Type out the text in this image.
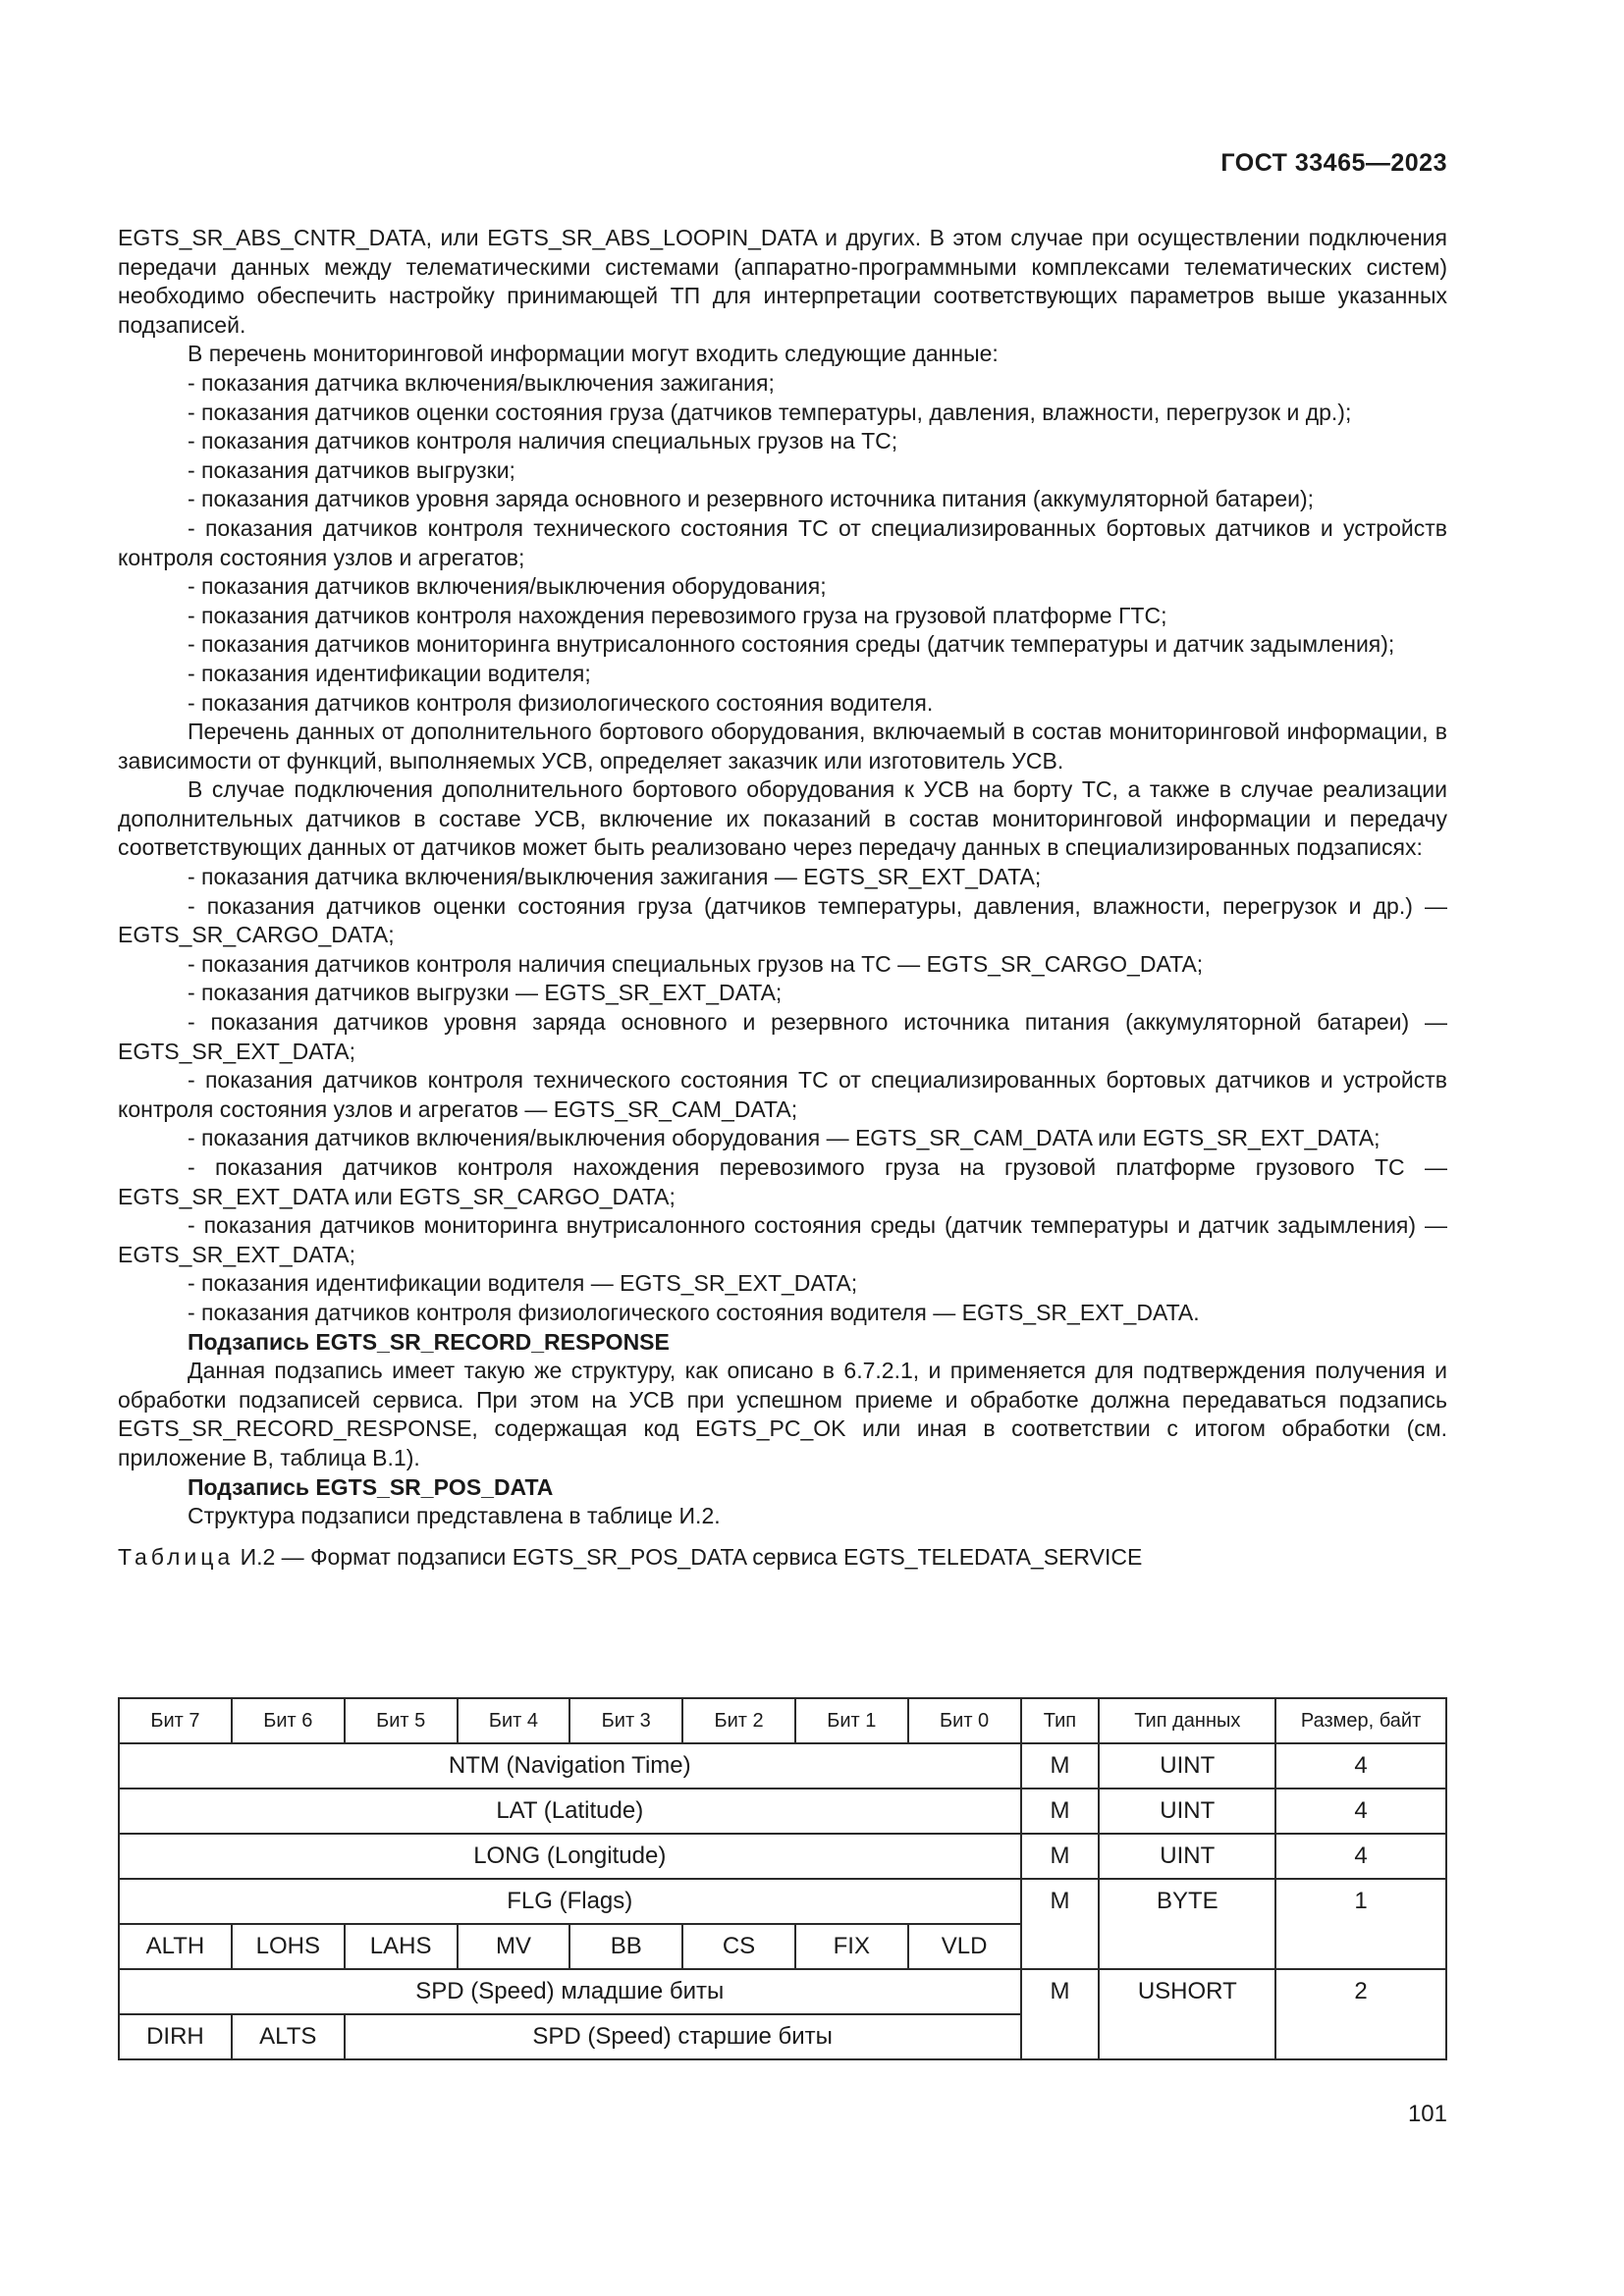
ГОСТ 33465—2023

EGTS_SR_ABS_CNTR_DATA, или EGTS_SR_ABS_LOOPIN_DATA и других. В этом случае при осуществлении подключения передачи данных между телематическими системами (аппаратно-программными комплексами телематических систем) необходимо обеспечить настройку принимающей ТП для интерпретации соответствующих параметров выше указанных подзаписей.

В перечень мониторинговой информации могут входить следующие данные:

- показания датчика включения/выключения зажигания;

- показания датчиков оценки состояния груза (датчиков температуры, давления, влажности, перегрузок и др.);

- показания датчиков контроля наличия специальных грузов на ТС;

- показания датчиков выгрузки;

- показания датчиков уровня заряда основного и резервного источника питания (аккумуляторной батареи);

- показания датчиков контроля технического состояния ТС от специализированных бортовых датчиков и устройств контроля состояния узлов и агрегатов;

- показания датчиков включения/выключения оборудования;

- показания датчиков контроля нахождения перевозимого груза на грузовой платформе ГТС;

- показания датчиков мониторинга внутрисалонного состояния среды (датчик температуры и датчик задымления);

- показания идентификации водителя;

- показания датчиков контроля физиологического состояния водителя.

Перечень данных от дополнительного бортового оборудования, включаемый в состав мониторинговой информации, в зависимости от функций, выполняемых УСВ, определяет заказчик или изготовитель УСВ.

В случае подключения дополнительного бортового оборудования к УСВ на борту ТС, а также в случае реализации дополнительных датчиков в составе УСВ, включение их показаний в состав мониторинговой информации и передачу соответствующих данных от датчиков может быть реализовано через передачу данных в специализированных подзаписях:

- показания датчика включения/выключения зажигания — EGTS_SR_EXT_DATA;

- показания датчиков оценки состояния груза (датчиков температуры, давления, влажности, перегрузок и др.) — EGTS_SR_CARGO_DATA;

- показания датчиков контроля наличия специальных грузов на ТС — EGTS_SR_CARGO_DATA;

- показания датчиков выгрузки — EGTS_SR_EXT_DATA;

- показания датчиков уровня заряда основного и резервного источника питания (аккумуляторной батареи) — EGTS_SR_EXT_DATA;

- показания датчиков контроля технического состояния ТС от специализированных бортовых датчиков и устройств контроля состояния узлов и агрегатов — EGTS_SR_CAM_DATA;

- показания датчиков включения/выключения оборудования — EGTS_SR_CAM_DATA или EGTS_SR_EXT_DATA;

- показания датчиков контроля нахождения перевозимого груза на грузовой платформе грузового ТС — EGTS_SR_EXT_DATA или EGTS_SR_CARGO_DATA;

- показания датчиков мониторинга внутрисалонного состояния среды (датчик температуры и датчик задымления) — EGTS_SR_EXT_DATA;

- показания идентификации водителя — EGTS_SR_EXT_DATA;

- показания датчиков контроля физиологического состояния водителя — EGTS_SR_EXT_DATA.

Подзапись EGTS_SR_RECORD_RESPONSE

Данная подзапись имеет такую же структуру, как описано в 6.7.2.1, и применяется для подтверждения получения и обработки подзаписей сервиса. При этом на УСВ при успешном приеме и обработке должна передаваться подзапись EGTS_SR_RECORD_RESPONSE, содержащая код EGTS_PC_OK или иная в соответствии с итогом обработки (см. приложение В, таблица В.1).

Подзапись EGTS_SR_POS_DATA

Структура подзаписи представлена в таблице И.2.

Таблица И.2 — Формат подзаписи EGTS_SR_POS_DATA сервиса EGTS_TELEDATA_SERVICE

Бит 7	Бит 6	Бит 5	Бит 4	Бит 3	Бит 2	Бит 1	Бит 0	Тип	Тип данных	Размер, байт
NTM (Navigation Time)								M	UINT	4
LAT (Latitude)								M	UINT	4
LONG (Longitude)								M	UINT	4
FLG (Flags)								M	BYTE	1
ALTH	LOHS	LAHS	MV	BB	CS	FIX	VLD			
SPD (Speed) младшие биты								M	USHORT	2
DIRH	ALTS	SPD (Speed) старшие биты								
101
